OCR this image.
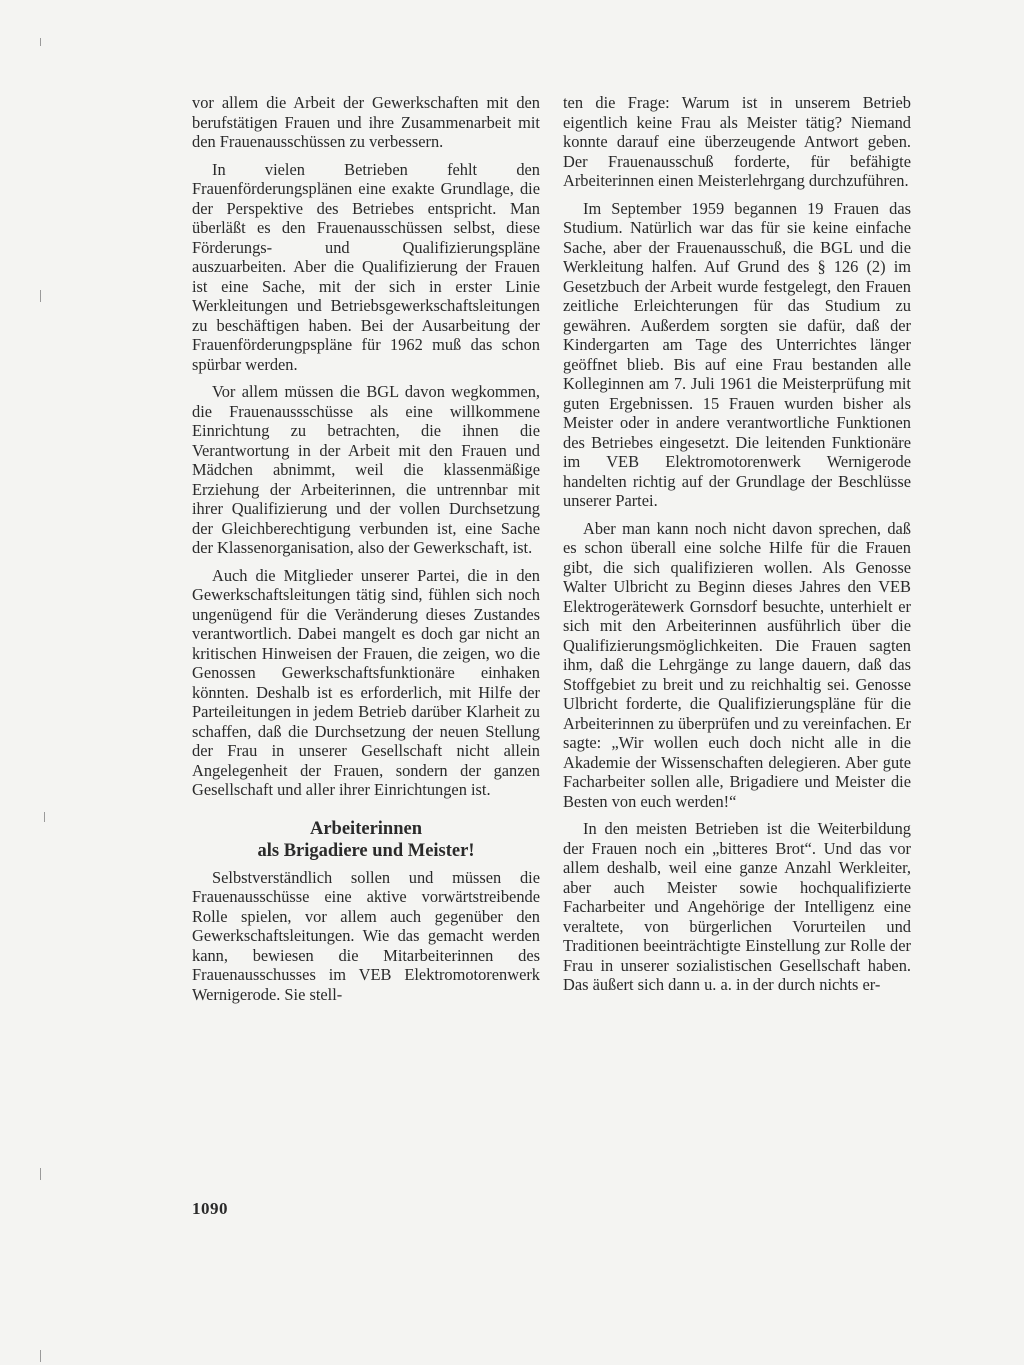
vor allem die Arbeit der Gewerkschaften mit den berufstätigen Frauen und ihre Zusammenarbeit mit den Frauenausschüssen zu verbessern.

In vielen Betrieben fehlt den Frauenförderungsplänen eine exakte Grundlage, die der Perspektive des Betriebes entspricht. Man überläßt es den Frauenausschüssen selbst, diese Förderungs- und Qualifizierungspläne auszuarbeiten. Aber die Qualifizierung der Frauen ist eine Sache, mit der sich in erster Linie Werkleitungen und Betriebsgewerkschaftsleitungen zu beschäftigen haben. Bei der Ausarbeitung der Frauenförderungpspläne für 1962 muß das schon spürbar werden.

Vor allem müssen die BGL davon wegkommen, die Frauenaussschüsse als eine willkommene Einrichtung zu betrachten, die ihnen die Verantwortung in der Arbeit mit den Frauen und Mädchen abnimmt, weil die klassenmäßige Erziehung der Arbeiterinnen, die untrennbar mit ihrer Qualifizierung und der vollen Durchsetzung der Gleichberechtigung verbunden ist, eine Sache der Klassenorganisation, also der Gewerkschaft, ist.

Auch die Mitglieder unserer Partei, die in den Gewerkschaftsleitungen tätig sind, fühlen sich noch ungenügend für die Veränderung dieses Zustandes verantwortlich. Dabei mangelt es doch gar nicht an kritischen Hinweisen der Frauen, die zeigen, wo die Genossen Gewerkschaftsfunktionäre einhaken könnten. Deshalb ist es erforderlich, mit Hilfe der Parteileitungen in jedem Betrieb darüber Klarheit zu schaffen, daß die Durchsetzung der neuen Stellung der Frau in unserer Gesellschaft nicht allein Angelegenheit der Frauen, sondern der ganzen Gesellschaft und aller ihrer Einrichtungen ist.

Arbeiterinnen
als Brigadiere und Meister!

Selbstverständlich sollen und müssen die Frauenausschüsse eine aktive vorwärtstreibende Rolle spielen, vor allem auch gegenüber den Gewerkschaftsleitungen. Wie das gemacht werden kann, bewiesen die Mitarbeiterinnen des Frauenausschusses im VEB Elektromotorenwerk Wernigerode. Sie stell-

ten die Frage: Warum ist in unserem Betrieb eigentlich keine Frau als Meister tätig? Niemand konnte darauf eine überzeugende Antwort geben. Der Frauenausschuß forderte, für befähigte Arbeiterinnen einen Meisterlehrgang durchzuführen.

Im September 1959 begannen 19 Frauen das Studium. Natürlich war das für sie keine einfache Sache, aber der Frauenausschuß, die BGL und die Werkleitung halfen. Auf Grund des § 126 (2) im Gesetzbuch der Arbeit wurde festgelegt, den Frauen zeitliche Erleichterungen für das Studium zu gewähren. Außerdem sorgten sie dafür, daß der Kindergarten am Tage des Unterrichtes länger geöffnet blieb. Bis auf eine Frau bestanden alle Kolleginnen am 7. Juli 1961 die Meisterprüfung mit guten Ergebnissen. 15 Frauen wurden bisher als Meister oder in andere verantwortliche Funktionen des Betriebes eingesetzt. Die leitenden Funktionäre im VEB Elektromotorenwerk Wernigerode handelten richtig auf der Grundlage der Beschlüsse unserer Partei.

Aber man kann noch nicht davon sprechen, daß es schon überall eine solche Hilfe für die Frauen gibt, die sich qualifizieren wollen. Als Genosse Walter Ulbricht zu Beginn dieses Jahres den VEB Elektrogerätewerk Gornsdorf besuchte, unterhielt er sich mit den Arbeiterinnen ausführlich über die Qualifizierungsmöglichkeiten. Die Frauen sagten ihm, daß die Lehrgänge zu lange dauern, daß das Stoffgebiet zu breit und zu reichhaltig sei. Genosse Ulbricht forderte, die Qualifizierungspläne für die Arbeiterinnen zu überprüfen und zu vereinfachen. Er sagte: „Wir wollen euch doch nicht alle in die Akademie der Wissenschaften delegieren. Aber gute Facharbeiter sollen alle, Brigadiere und Meister die Besten von euch werden!“

In den meisten Betrieben ist die Weiterbildung der Frauen noch ein „bitteres Brot“. Und das vor allem deshalb, weil eine ganze Anzahl Werkleiter, aber auch Meister sowie hochqualifizierte Facharbeiter und Angehörige der Intelligenz eine veraltete, von bürgerlichen Vorurteilen und Traditionen beeinträchtigte Einstellung zur Rolle der Frau in unserer sozialistischen Gesellschaft haben. Das äußert sich dann u. a. in der durch nichts er-

1090
